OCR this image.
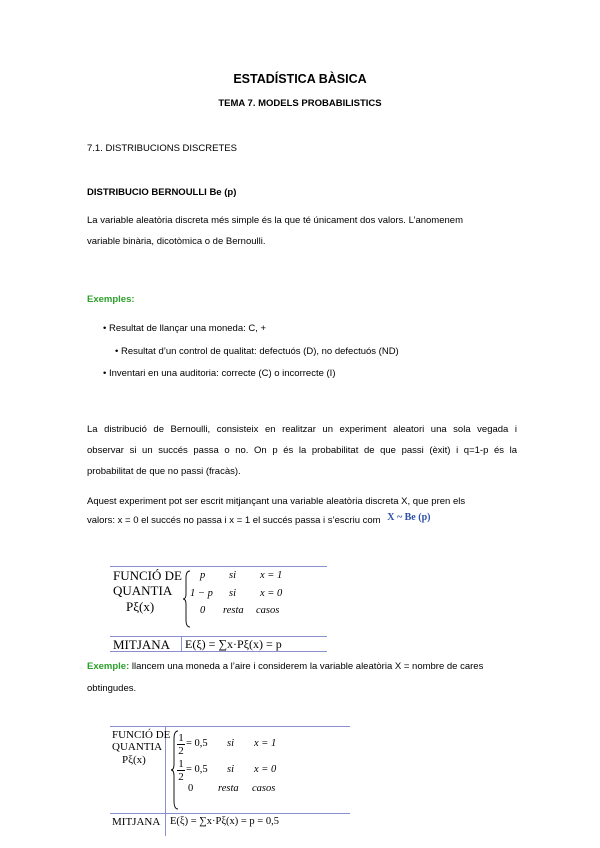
ESTADÍSTICA BÀSICA
TEMA 7. MODELS PROBABILISTICS
7.1. DISTRIBUCIONS DISCRETES
DISTRIBUCIO BERNOULLI Be (p)
La variable aleatòria discreta més simple és la que té únicament dos valors. L’anomenem
variable binària, dicotòmica o de Bernoulli.
Exemples:
• Resultat de llançar una moneda: C, +
• Resultat d’un control de qualitat: defectuós (D), no defectuós (ND)
• Inventari en una auditoria: correcte (C) o incorrecte (I)
La distribució de Bernoulli, consisteix en realitzar un experiment aleatori una sola vegada i
observar si un succés passa o no. On p és la probabilitat de que passi (èxit) i q=1-p és la
probabilitat de que no passi (fracàs).
Aquest experiment pot ser escrit mitjançant una variable aleatòria discreta X, que pren els
valors: x = 0 el succés no passa i x = 1 el succés passa i s’escriu com X ~ Be (p)
FUNCIÓ DE
QUANTIA
Pξ(x)
p si x = 1
1 − p si x = 0
0 resta casos
MITJANA E(ξ) = ∑x·Pξ(x) = p
Exemple: llancem una moneda a l’aire i considerem la variable aleatòria X = nombre de cares
obtingudes.
FUNCIÓ DE
QUANTIA
Pξ(x)
$\frac{1}{2} = 0,5$ si x = 1
$\frac{1}{2} = 0,5$ si x = 0
0 resta casos
MITJANA E(ξ) = ∑x·Pξ(x) = p = 0,5
